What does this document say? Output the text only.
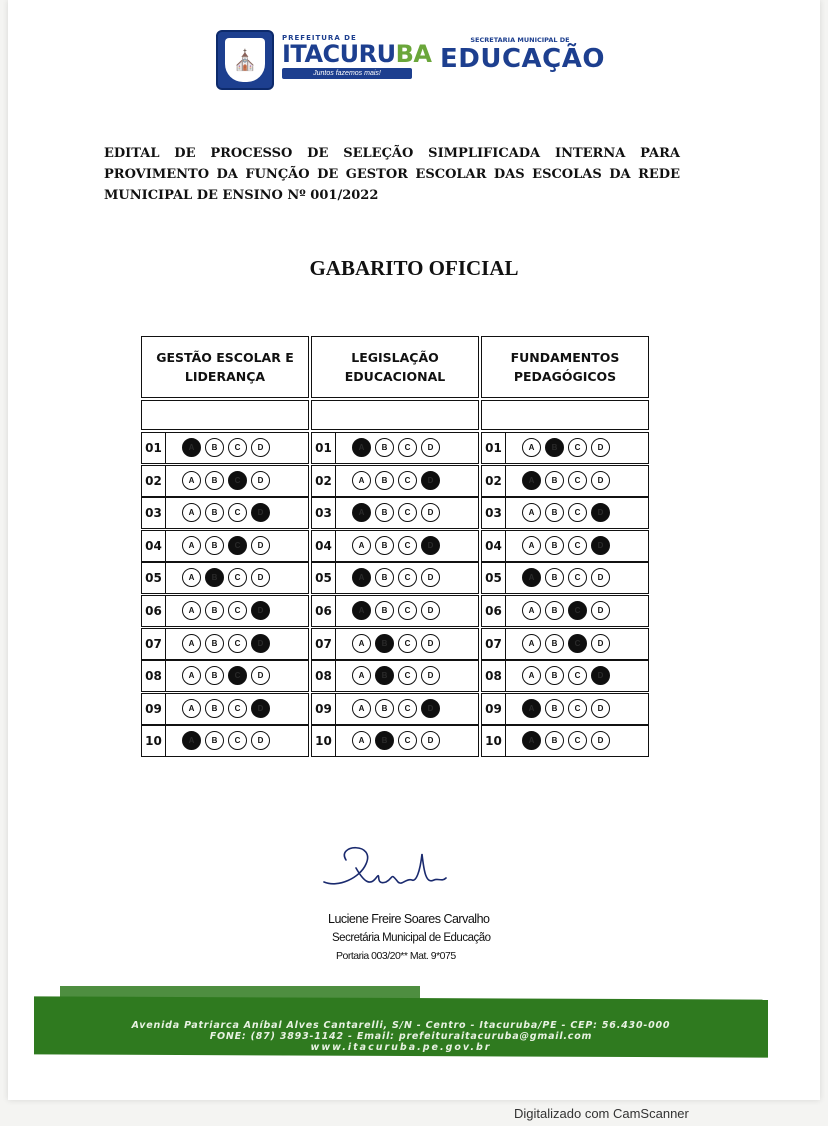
⛪
PREFEITURA DE
ITACURUBA
Juntos fazemos mais!
SECRETARIA MUNICIPAL DE
EDUCAÇÃO
EDITAL DE PROCESSO DE SELEÇÃO SIMPLIFICADA INTERNA PARA PROVIMENTO DA FUNÇÃO DE GESTOR ESCOLAR DAS ESCOLAS DA REDE MUNICIPAL DE ENSINO Nº 001/2022
GABARITO OFICIAL
GESTÃO ESCOLAR E LIDERANÇA
01	A	B	C	D
02	A	B	C	D
03	A	B	C	D
04	A	B	C	D
05	A	B	C	D
06	A	B	C	D
07	A	B	C	D
08	A	B	C	D
09	A	B	C	D
10	A	B	C	D
LEGISLAÇÃO EDUCACIONAL
01	A	B	C	D
02	A	B	C	D
03	A	B	C	D
04	A	B	C	D
05	A	B	C	D
06	A	B	C	D
07	A	B	C	D
08	A	B	C	D
09	A	B	C	D
10	A	B	C	D
FUNDAMENTOS PEDAGÓGICOS
01	A	B	C	D
02	A	B	C	D
03	A	B	C	D
04	A	B	C	D
05	A	B	C	D
06	A	B	C	D
07	A	B	C	D
08	A	B	C	D
09	A	B	C	D
10	A	B	C	D
Luciene Freire Soares Carvalho
Secretária Municipal de Educação
Portaria 003/20** Mat. 9*075
Avenida Patriarca Aníbal Alves Cantarelli, S/N - Centro - Itacuruba/PE - CEP: 56.430-000
FONE: (87) 3893-1142 - Email: prefeituraitacuruba@gmail.com
www.itacuruba.pe.gov.br
Digitalizado com CamScanner
